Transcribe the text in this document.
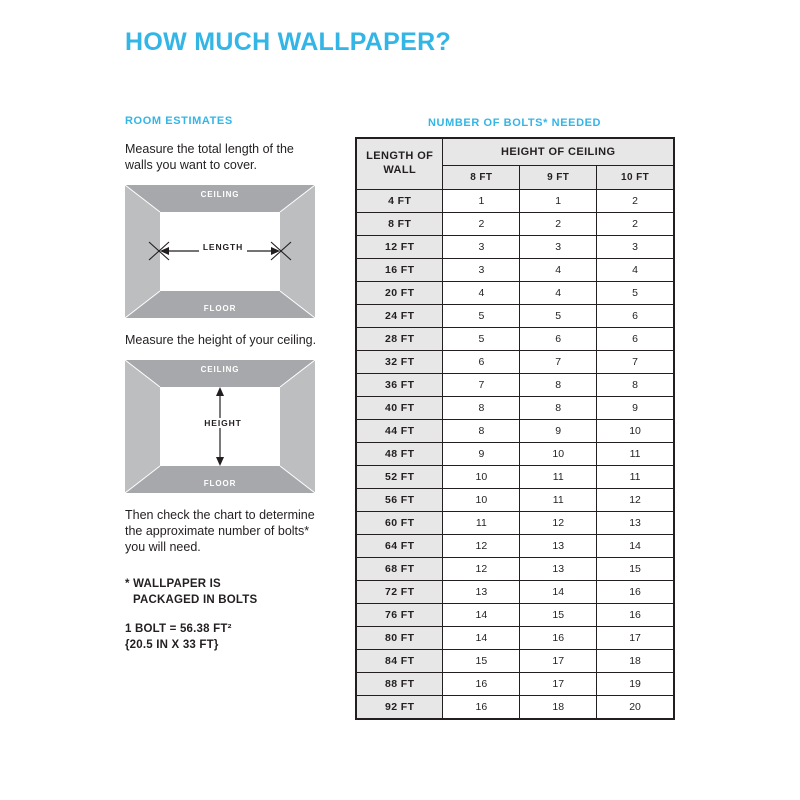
HOW MUCH WALLPAPER?
ROOM ESTIMATES

Measure the total length of the walls you want to cover.

CEILING
FLOOR
LENGTH

Measure the height of your ceiling.

CEILING
FLOOR
HEIGHT

Then check the chart to determine the approximate number of bolts* you will need.

* WALLPAPER IS
PACKAGED IN BOLTS
1 BOLT = 56.38 FT²
{20.5 IN X 33 FT}
NUMBER OF BOLTS* NEEDED
LENGTH OF WALL	HEIGHT OF CEILING		
	8 FT	9 FT	10 FT
4 FT	1	1	2
8 FT	2	2	2
12 FT	3	3	3
16 FT	3	4	4
20 FT	4	4	5
24 FT	5	5	6
28 FT	5	6	6
32 FT	6	7	7
36 FT	7	8	8
40 FT	8	8	9
44 FT	8	9	10
48 FT	9	10	11
52 FT	10	11	11
56 FT	10	11	12
60 FT	11	12	13
64 FT	12	13	14
68 FT	12	13	15
72 FT	13	14	16
76 FT	14	15	16
80 FT	14	16	17
84 FT	15	17	18
88 FT	16	17	19
92 FT	16	18	20
